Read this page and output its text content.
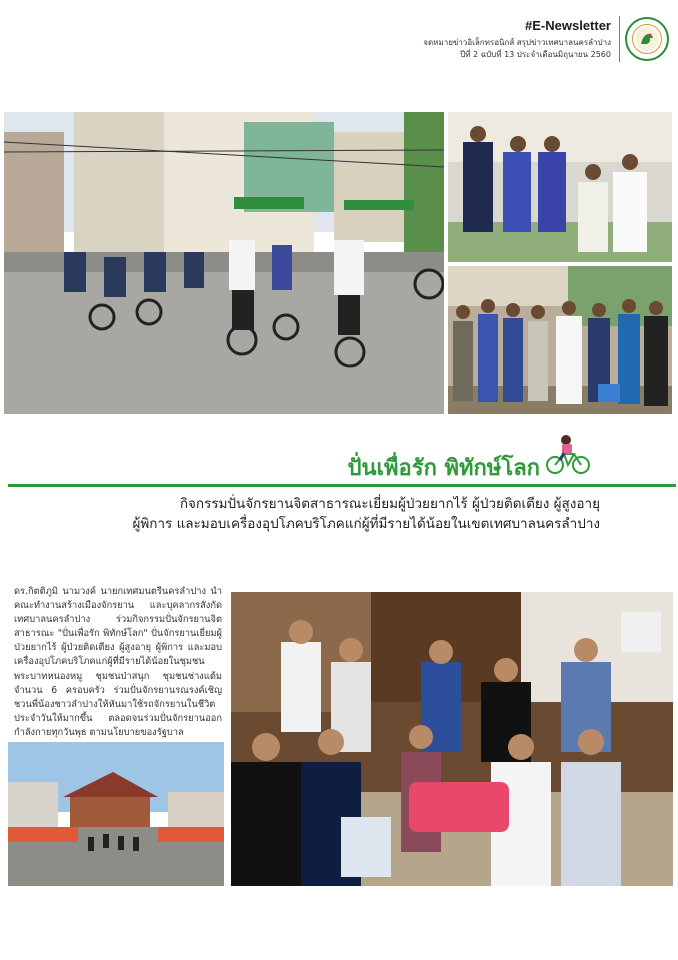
#E-Newsletter
จดหมายข่าวอิเล็กทรอนิกส์ สรุปข่าวเทศบาลนครลำปาง
ปีที่ 2 ฉบับที่ 13 ประจำเดือนมิถุนายน 2560
ปั่นเพื่อรัก พิทักษ์โลก
กิจกรรมปั่นจักรยานจิตสาธารณะเยี่ยมผู้ป่วยยากไร้ ผู้ป่วยติดเตียง ผู้สูงอายุ
ผู้พิการ และมอบเครื่องอุปโภคบริโภคแก่ผู้ที่มีรายได้น้อยในเขตเทศบาลนครลำปาง
ดร.กิตติภูมิ นามวงค์ นายกเทศมนตรีนครลำปาง นำคณะทำงานสร้างเมืองจักรยาน และบุคลากรสังกัดเทศบาลนครลำปาง ร่วมกิจกรรมปั่นจักรยานจิตสาธารณะ "ปั่นเพื่อรัก พิทักษ์โลก" ปั่นจักรยานเยี่ยมผู้ป่วยยากไร้ ผู้ป่วยติดเตียง ผู้สูงอายุ ผู้พิการ และมอบเครื่องอุปโภคบริโภคแก่ผู้ที่มีรายได้น้อยในชุมชนพระบาทหนองหมู ชุมชนป่าสนุก ชุมชนช่างแต้ม จำนวน 6 ครอบครัว ร่วมปั่นจักรยานรณรงค์เชิญชวนพี่น้องชาวลำปางให้หันมาใช้รถจักรยานในชีวิตประจำวันให้มากขึ้น ตลอดจนร่วมปั่นจักรยานออกกำลังกายทุกวันพุธ ตามนโยบายของรัฐบาล
